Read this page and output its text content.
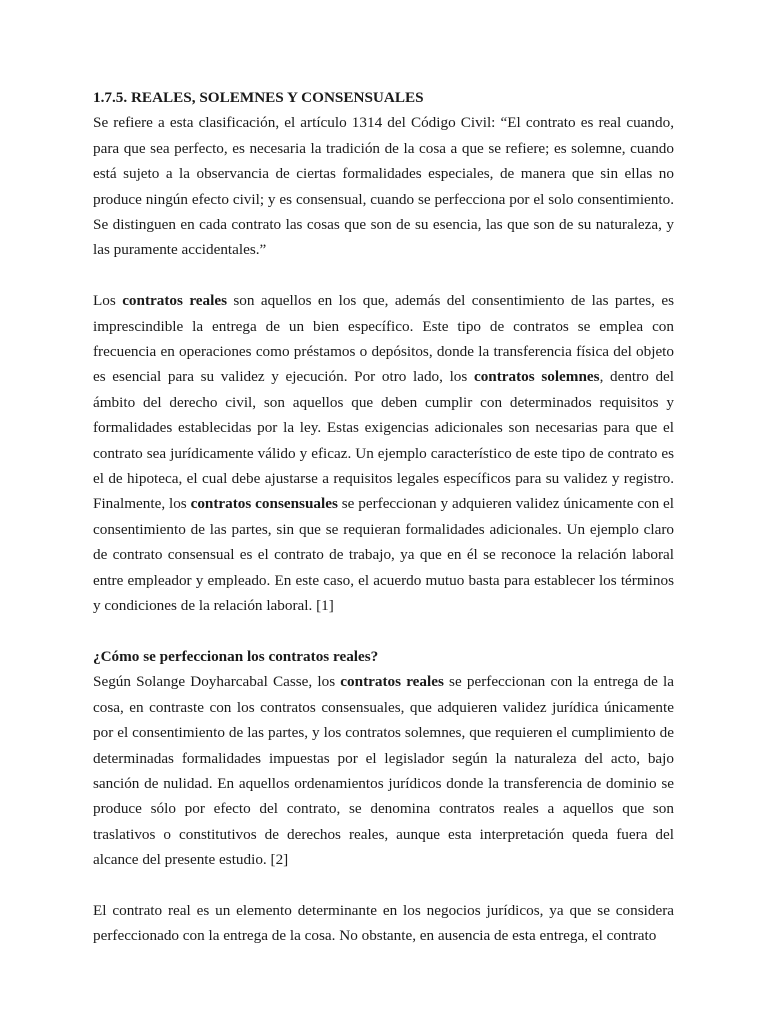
1.7.5. REALES, SOLEMNES Y CONSENSUALES
Se refiere a esta clasificación, el artículo 1314 del Código Civil: “El contrato es real cuando, para que sea perfecto, es necesaria la tradición de la cosa a que se refiere; es solemne, cuando está sujeto a la observancia de ciertas formalidades especiales, de manera que sin ellas no produce ningún efecto civil; y es consensual, cuando se perfecciona por el solo consentimiento. Se distinguen en cada contrato las cosas que son de su esencia, las que son de su naturaleza, y las puramente accidentales.”

Los contratos reales son aquellos en los que, además del consentimiento de las partes, es imprescindible la entrega de un bien específico. Este tipo de contratos se emplea con frecuencia en operaciones como préstamos o depósitos, donde la transferencia física del objeto es esencial para su validez y ejecución. Por otro lado, los contratos solemnes, dentro del ámbito del derecho civil, son aquellos que deben cumplir con determinados requisitos y formalidades establecidas por la ley. Estas exigencias adicionales son necesarias para que el contrato sea jurídicamente válido y eficaz. Un ejemplo característico de este tipo de contrato es el de hipoteca, el cual debe ajustarse a requisitos legales específicos para su validez y registro. Finalmente, los contratos consensuales se perfeccionan y adquieren validez únicamente con el consentimiento de las partes, sin que se requieran formalidades adicionales. Un ejemplo claro de contrato consensual es el contrato de trabajo, ya que en él se reconoce la relación laboral entre empleador y empleado. En este caso, el acuerdo mutuo basta para establecer los términos y condiciones de la relación laboral. [1]

¿Cómo se perfeccionan los contratos reales?
Según Solange Doyharcabal Casse, los contratos reales se perfeccionan con la entrega de la cosa, en contraste con los contratos consensuales, que adquieren validez jurídica únicamente por el consentimiento de las partes, y los contratos solemnes, que requieren el cumplimiento de determinadas formalidades impuestas por el legislador según la naturaleza del acto, bajo sanción de nulidad. En aquellos ordenamientos jurídicos donde la transferencia de dominio se produce sólo por efecto del contrato, se denomina contratos reales a aquellos que son traslativos o constitutivos de derechos reales, aunque esta interpretación queda fuera del alcance del presente estudio. [2]

El contrato real es un elemento determinante en los negocios jurídicos, ya que se considera perfeccionado con la entrega de la cosa. No obstante, en ausencia de esta entrega, el contrato
